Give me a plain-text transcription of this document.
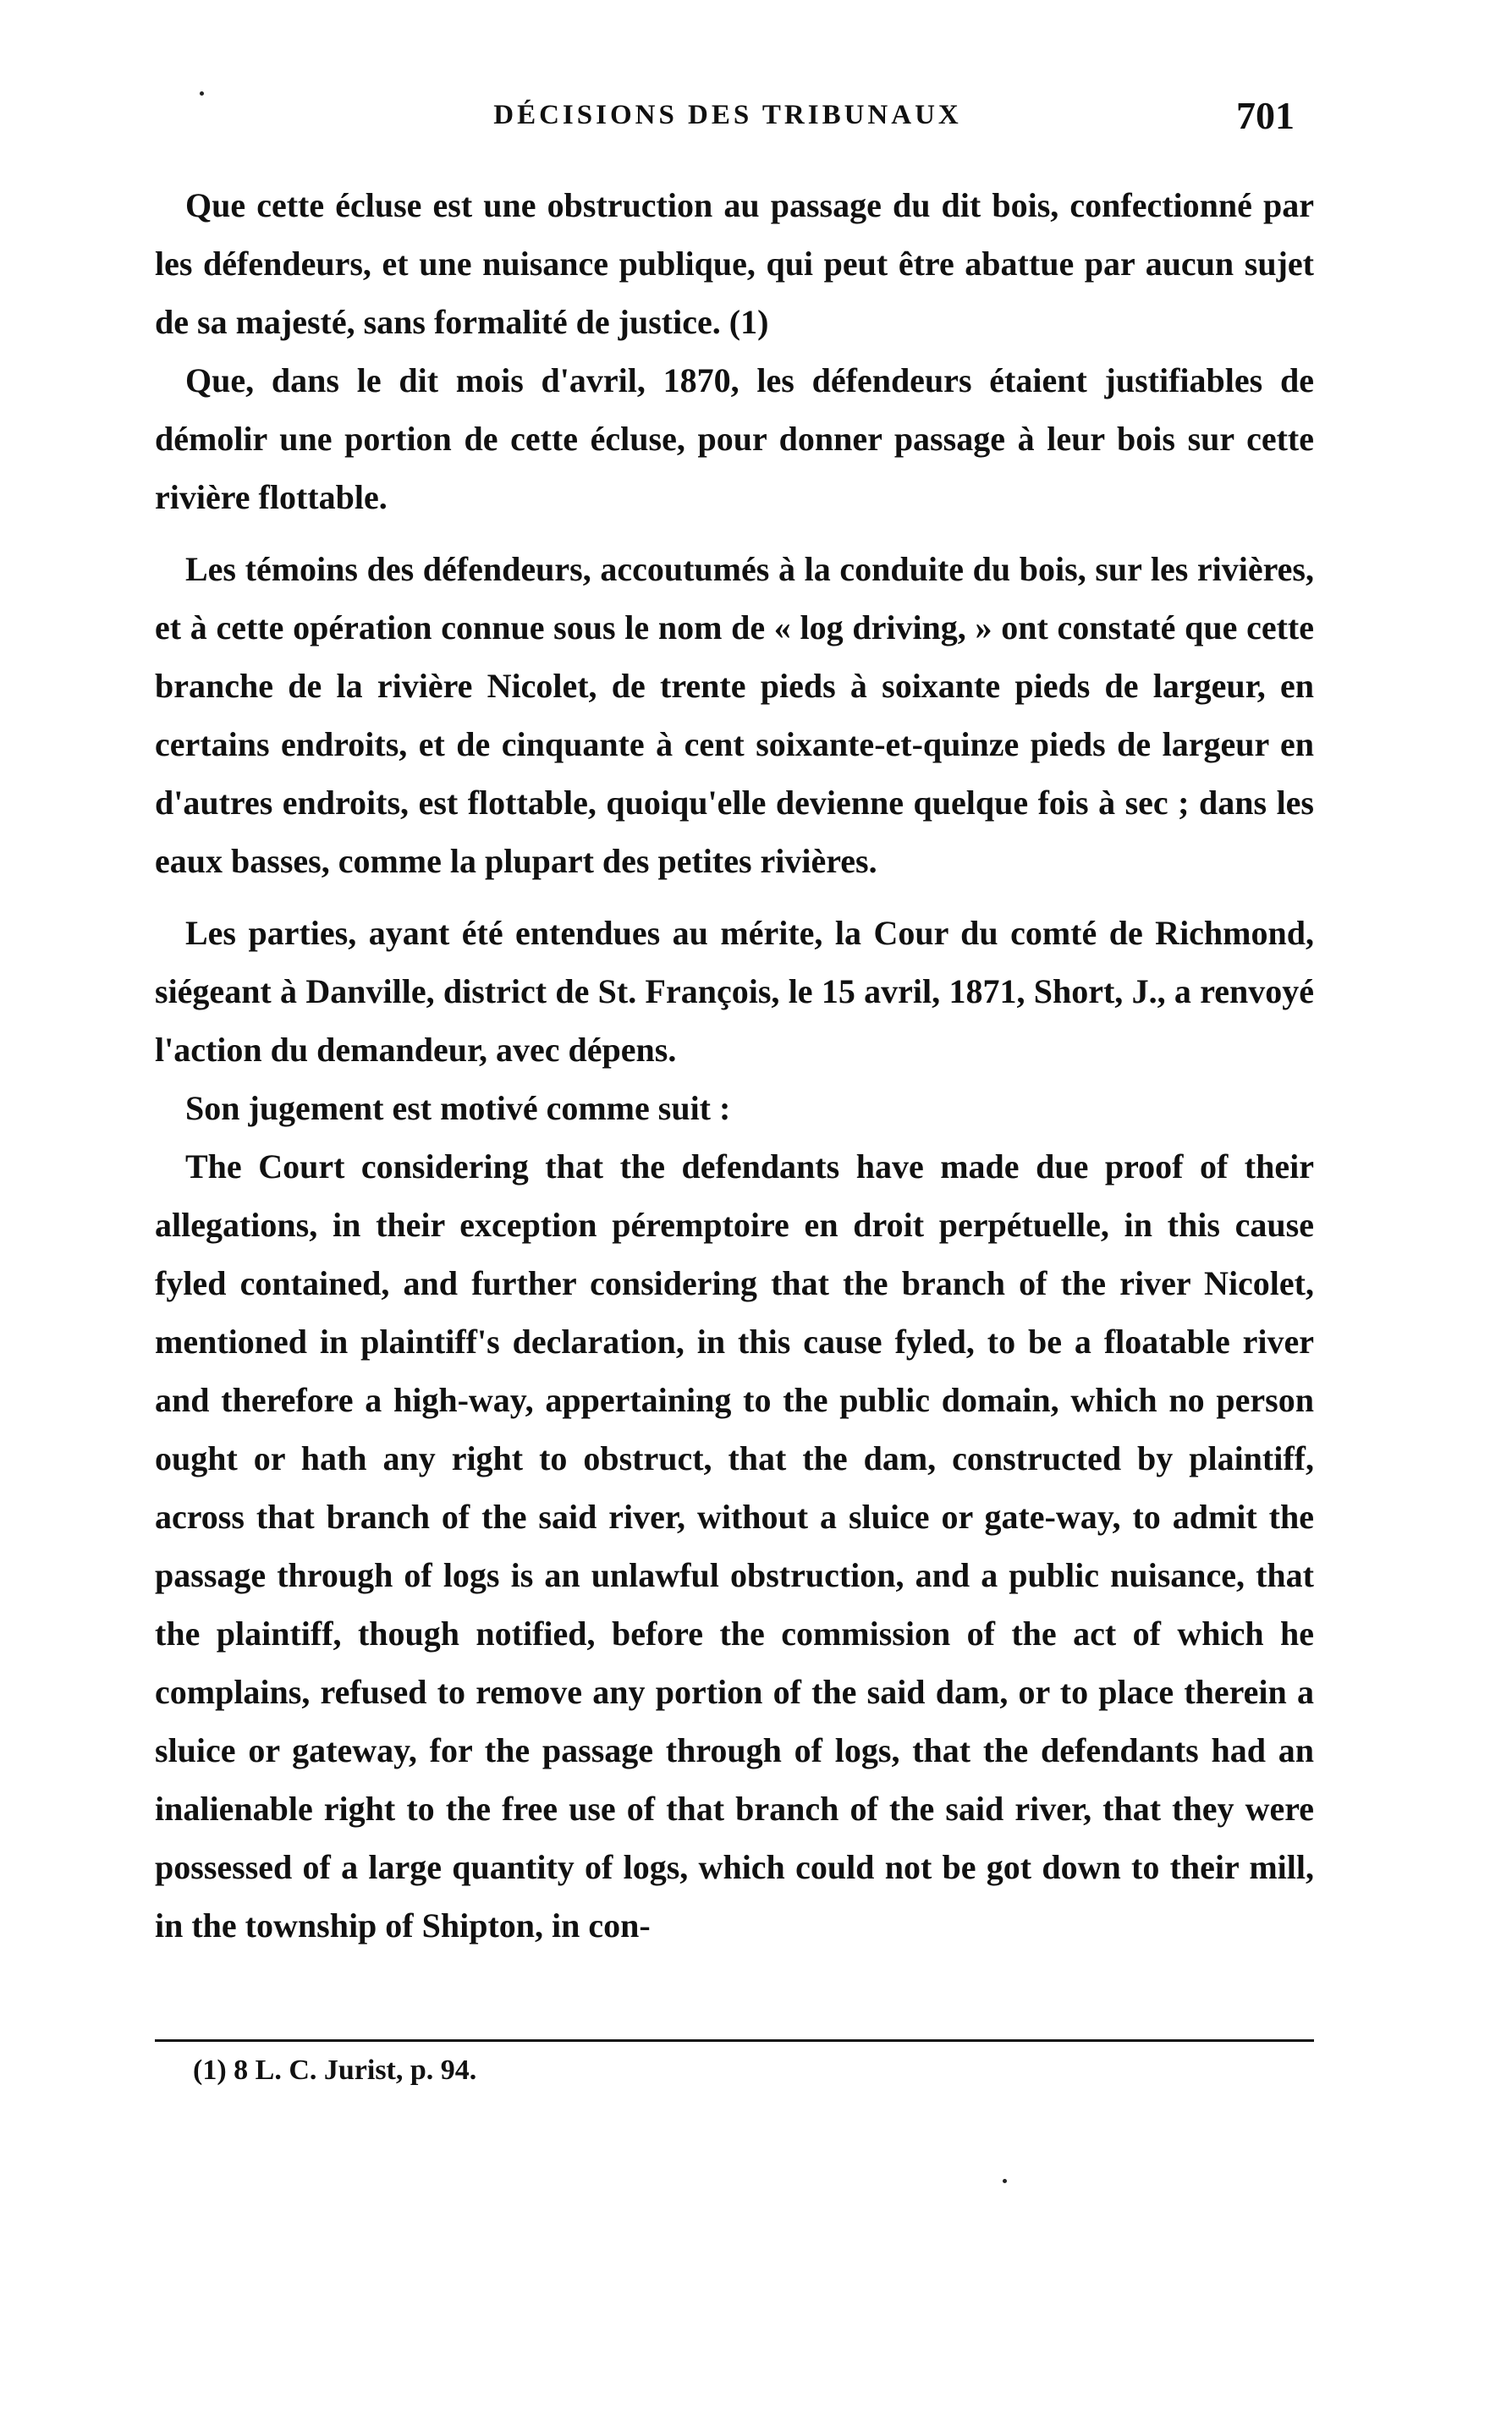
DÉCISIONS DES TRIBUNAUX	701

Que cette écluse est une obstruction au passage du dit bois, confectionné par les défendeurs, et une nuisance publique, qui peut être abattue par aucun sujet de sa majesté, sans formalité de justice. (1)

Que, dans le dit mois d'avril, 1870, les défendeurs étaient justifiables de démolir une portion de cette écluse, pour donner passage à leur bois sur cette rivière flottable.

Les témoins des défendeurs, accoutumés à la conduite du bois, sur les rivières, et à cette opération connue sous le nom de « log driving, » ont constaté que cette branche de la rivière Nicolet, de trente pieds à soixante pieds de largeur, en certains endroits, et de cinquante à cent soixante-et-quinze pieds de largeur en d'autres endroits, est flottable, quoiqu'elle devienne quelque fois à sec ; dans les eaux basses, comme la plupart des petites rivières.

Les parties, ayant été entendues au mérite, la Cour du comté de Richmond, siégeant à Danville, district de St. François, le 15 avril, 1871, Short, J., a renvoyé l'action du demandeur, avec dépens.

Son jugement est motivé comme suit :

The Court considering that the defendants have made due proof of their allegations, in their exception péremptoire en droit perpétuelle, in this cause fyled contained, and further considering that the branch of the river Nicolet, mentioned in plaintiff's declaration, in this cause fyled, to be a floatable river and therefore a high-way, appertaining to the public domain, which no person ought or hath any right to obstruct, that the dam, constructed by plaintiff, across that branch of the said river, without a sluice or gate-way, to admit the passage through of logs is an unlawful obstruction, and a public nuisance, that the plaintiff, though notified, before the commission of the act of which he complains, refused to remove any portion of the said dam, or to place therein a sluice or gateway, for the passage through of logs, that the defendants had an inalienable right to the free use of that branch of the said river, that they were possessed of a large quantity of logs, which could not be got down to their mill, in the township of Shipton, in con-

(1) 8 L. C. Jurist, p. 94.
